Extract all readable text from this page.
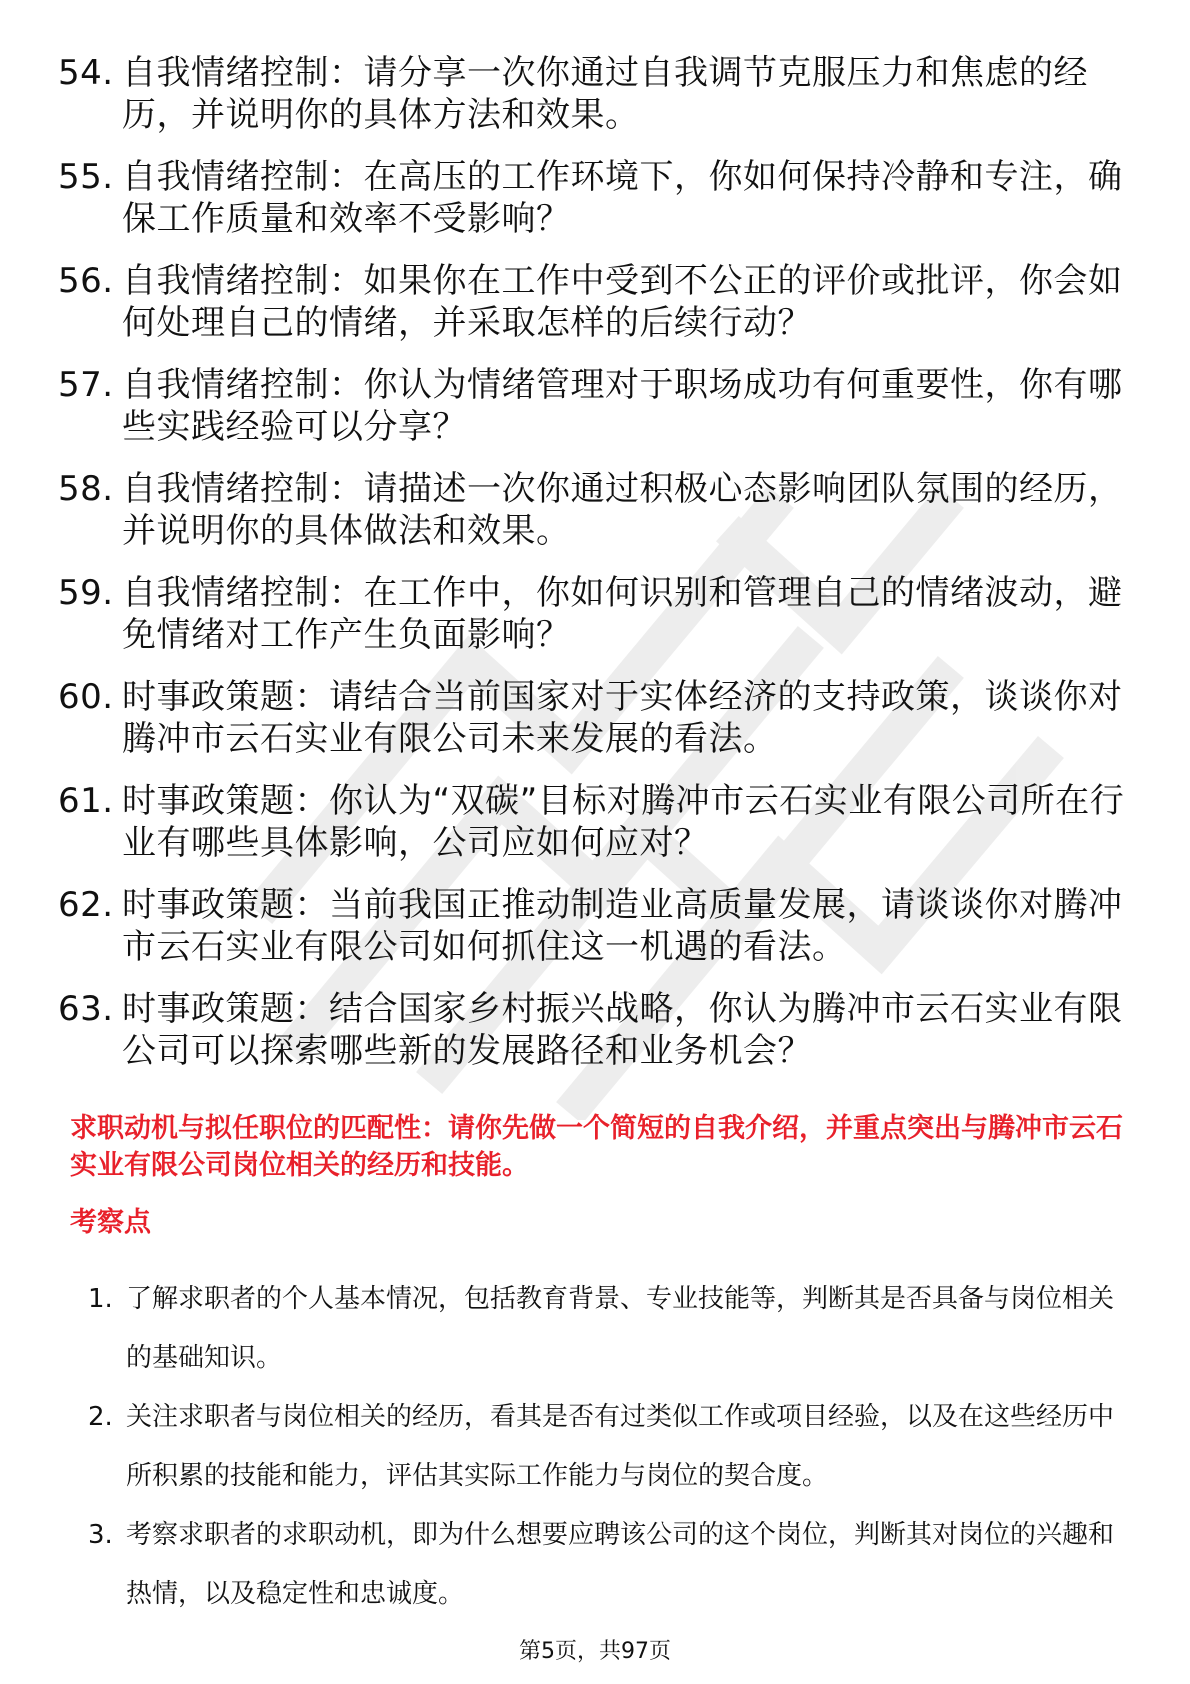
54. 自我情绪控制：请分享一次你通过自我调节克服压力和焦虑的经历，并说明你的具体方法和效果。
55. 自我情绪控制：在高压的工作环境下，你如何保持冷静和专注，确保工作质量和效率不受影响？
56. 自我情绪控制：如果你在工作中受到不公正的评价或批评，你会如何处理自己的情绪，并采取怎样的后续行动？
57. 自我情绪控制：你认为情绪管理对于职场成功有何重要性，你有哪些实践经验可以分享？
58. 自我情绪控制：请描述一次你通过积极心态影响团队氛围的经历，并说明你的具体做法和效果。
59. 自我情绪控制：在工作中，你如何识别和管理自己的情绪波动，避免情绪对工作产生负面影响？
60. 时事政策题：请结合当前国家对于实体经济的支持政策，谈谈你对腾冲市云石实业有限公司未来发展的看法。
61. 时事政策题：你认为“双碳”目标对腾冲市云石实业有限公司所在行业有哪些具体影响，公司应如何应对？
62. 时事政策题：当前我国正推动制造业高质量发展，请谈谈你对腾冲市云石实业有限公司如何抓住这一机遇的看法。
63. 时事政策题：结合国家乡村振兴战略，你认为腾冲市云石实业有限公司可以探索哪些新的发展路径和业务机会？

求职动机与拟任职位的匹配性：请你先做一个简短的自我介绍，并重点突出与腾冲市云石实业有限公司岗位相关的经历和技能。

考察点

1. 了解求职者的个人基本情况，包括教育背景、专业技能等，判断其是否具备与岗位相关的基础知识。
2. 关注求职者与岗位相关的经历，看其是否有过类似工作或项目经验，以及在这些经历中所积累的技能和能力，评估其实际工作能力与岗位的契合度。
3. 考察求职者的求职动机，即为什么想要应聘该公司的这个岗位，判断其对岗位的兴趣和热情，以及稳定性和忠诚度。
第5页，共97页
